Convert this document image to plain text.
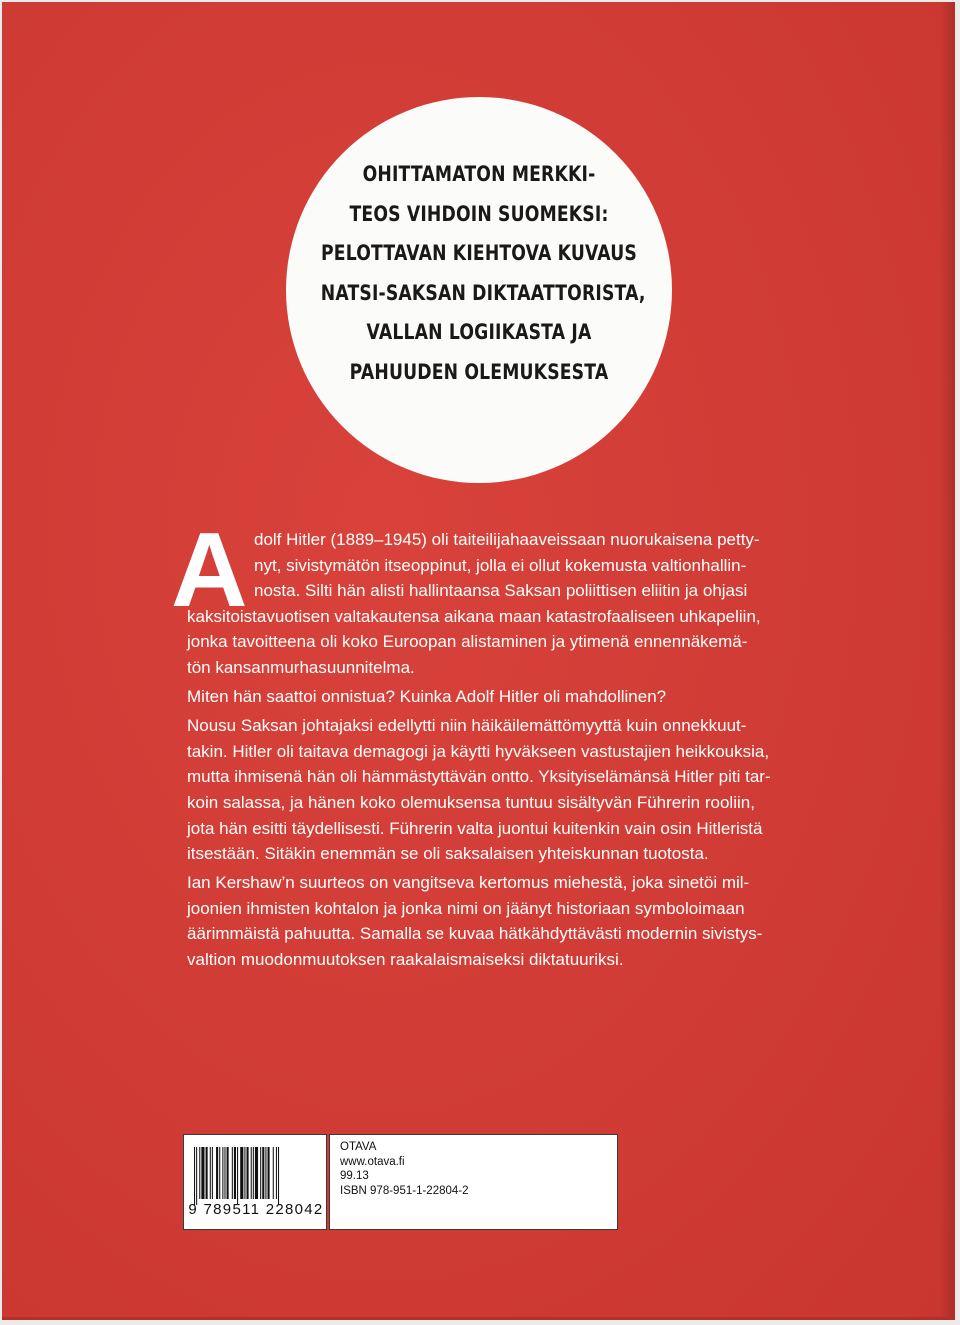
OHITTAMATON MERKKI-
TEOS VIHDOIN SUOMEKSI:
PELOTTAVAN KIEHTOVA KUVAUS
NATSI-SAKSAN DIKTAATTORISTA,
VALLAN LOGIIKASTA JA
PAHUUDEN OLEMUKSESTA
A dolf Hitler (1889–1945) oli taiteilijahaaveissaan nuorukaisena petty-
nyt, sivistymätön itseoppinut, jolla ei ollut kokemusta valtionhallin-
nosta. Silti hän alisti hallintaansa Saksan poliittisen eliitin ja ohjasi
kaksitoistavuotisen valtakautensa aikana maan katastrofaaliseen uhkapeliin,
jonka tavoitteena oli koko Euroopan alistaminen ja ytimenä ennennäkemä-
tön kansanmurhasuunnitelma.
Miten hän saattoi onnistua? Kuinka Adolf Hitler oli mahdollinen?
Nousu Saksan johtajaksi edellytti niin häikäilemättömyyttä kuin onnekkuut-
takin. Hitler oli taitava demagogi ja käytti hyväkseen vastustajien heikkouksia,
mutta ihmisenä hän oli hämmästyttävän ontto. Yksityiselämänsä Hitler piti tar-
koin salassa, ja hänen koko olemuksensa tuntuu sisältyvän Führerin rooliin,
jota hän esitti täydellisesti. Führerin valta juontui kuitenkin vain osin Hitleristä
itsestään. Sitäkin enemmän se oli saksalaisen yhteiskunnan tuotosta.
Ian Kershaw’n suurteos on vangitseva kertomus miehestä, joka sinetöi mil-
joonien ihmisten kohtalon ja jonka nimi on jäänyt historiaan symboloimaan
äärimmäistä pahuutta. Samalla se kuvaa hätkähdyttävästi modernin sivistys-
valtion muodonmuutoksen raakalaismaiseksi diktatuuriksi.
9 789511 228042
OTAVA
www.otava.fi
99.13
ISBN 978-951-1-22804-2
